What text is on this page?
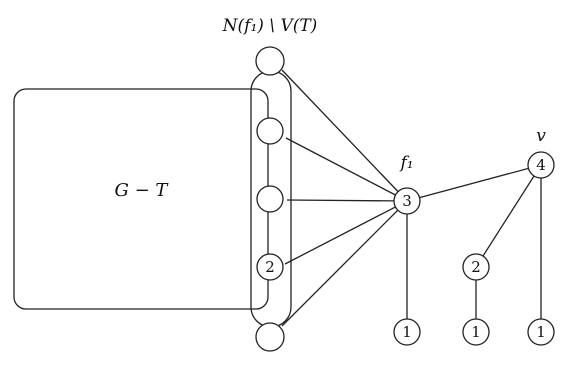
2
3
4
2
1	1	1
N(f₁) \ V(T)
G − T
f₁
v
